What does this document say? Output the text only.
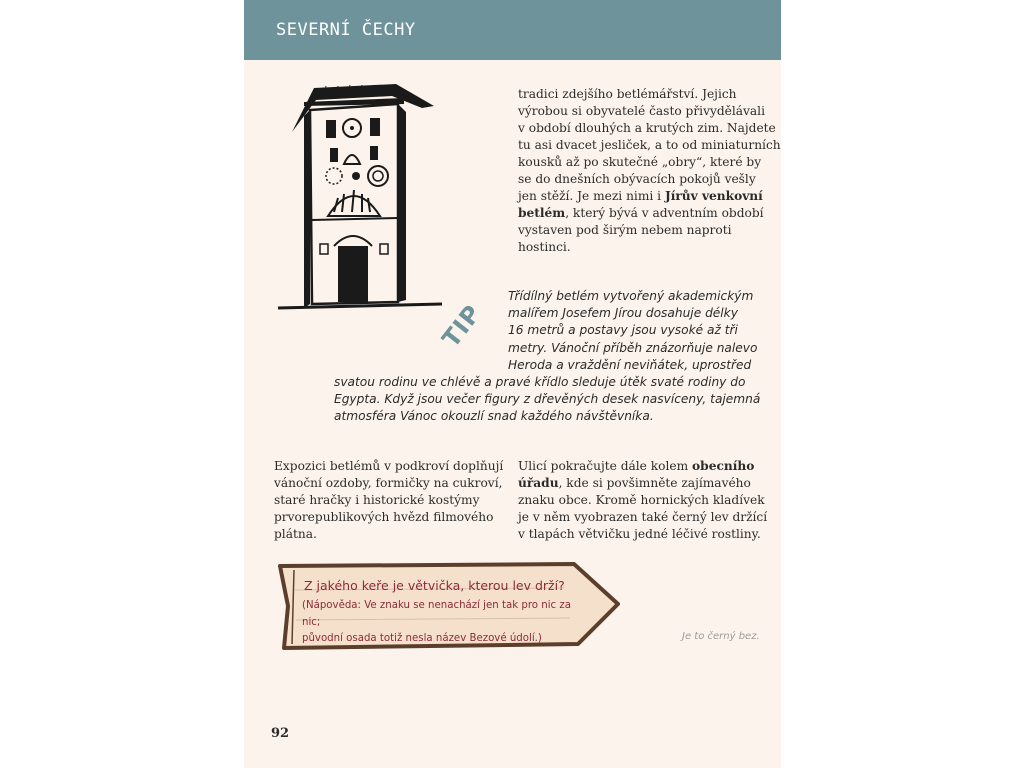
SEVERNÍ ČECHY

tradici zdejšího betlémářství. Jejich
výrobou si obyvatelé často přivydělávali
v období dlouhých a krutých zim. Najdete
tu asi dvacet jesliček, a to od miniaturních
kousků až po skutečné „obry“, které by
se do dnešních obývacích pokojů vešly
jen stěží. Je mezi nimi i Jírův venkovní
betlém, který bývá v adventním období
vystaven pod širým nebem naproti
hostinci.

TIP

Třídílný betlém vytvořený akademickým
malířem Josefem Jírou dosahuje délky
16 metrů a postavy jsou vysoké až tři
metry. Vánoční příběh znázorňuje nalevo
Heroda a vraždění neviňátek, uprostřed

svatou rodinu ve chlévě a pravé křídlo sleduje útěk svaté rodiny do
Egypta. Když jsou večer figury z dřevěných desek nasvíceny, tajemná
atmosféra Vánoc okouzlí snad každého návštěvníka.

Expozici betlémů v podkroví doplňují
vánoční ozdoby, formičky na cukroví,
staré hračky i historické kostýmy
prvorepublikových hvězd filmového
plátna.

Ulicí pokračujte dále kolem obecního
úřadu, kde si povšimněte zajímavého
znaku obce. Kromě hornických kladívek
je v něm vyobrazen také černý lev držící
v tlapách větvičku jedné léčivé rostliny.

Z jakého keře je větvička, kterou lev drží?
(Nápověda: Ve znaku se nenachází jen tak pro nic za nic;
původní osada totiž nesla název Bezové údolí.)	Je to černý bez.
92
